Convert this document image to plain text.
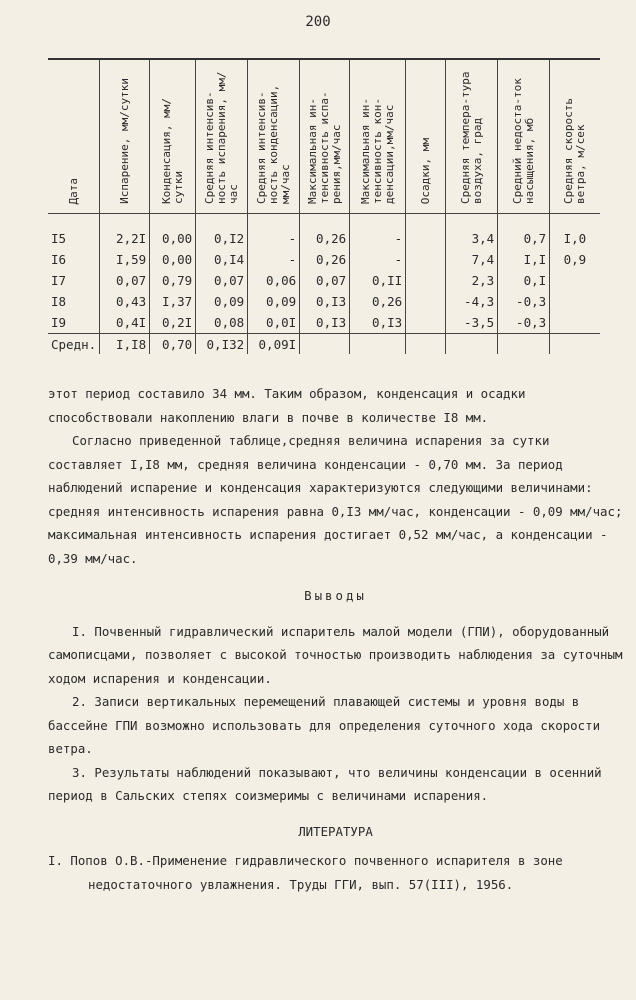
200
Дата	Испарение, мм/сутки	Конденсация, мм/сутки	Средняя интенсив-ность испарения, мм/час	Средняя интенсив-ность конденсации, мм/час	Максимальная ин-тенсивность испа-рения,мм/час	Максимальная ин-тенсивность кон-денсации,мм/час	Осадки, мм	Средняя темпера-тура воздуха, град	Средний недоста-ток насыщения, мб	Средняя скорость ветра, м/сек
I5	2,2I	0,00	0,I2	-	0,26	-		3,4	0,7	I,0
I6	I,59	0,00	0,I4	-	0,26	-		7,4	I,I	0,9
I7	0,07	0,79	0,07	0,06	0,07	0,II		2,3	0,I	
I8	0,43	I,37	0,09	0,09	0,I3	0,26		-4,3	-0,3	
I9	0,4I	0,2I	0,08	0,0I	0,I3	0,I3		-3,5	-0,3	
Средн.	I,I8	0,70	0,I32	0,09I						

этот период составило 34 мм. Таким образом, конденсация и осадки способствовали накоплению влаги в почве в количестве I8 мм.

Согласно приведенной таблице,средняя величина испарения за сутки составляет I,I8 мм, средняя величина конденсации - 0,70 мм. За период наблюдений испарение и конденсация характеризуются следующими величинами: средняя интенсивность испарения равна 0,I3 мм/час, конденсации - 0,09 мм/час; максимальная интенсивность испарения достигает 0,52 мм/час, а конденсации - 0,39 мм/час.

Выводы

I. Почвенный гидравлический испаритель малой модели (ГПИ), оборудованный самописцами, позволяет с высокой точностью производить наблюдения за суточным ходом испарения и конденсации.

2. Записи вертикальных перемещений плавающей системы и уровня воды в бассейне ГПИ возможно использовать для определения суточного хода скорости ветра.

3. Результаты наблюдений показывают, что величины конденсации в осенний период в Сальских степях соизмеримы с величинами испарения.

ЛИТЕРАТУРА

I. Попов О.В.-Применение гидравлического почвенного испарителя в зоне недостаточного увлажнения. Труды ГГИ, вып. 57(III), 1956.
